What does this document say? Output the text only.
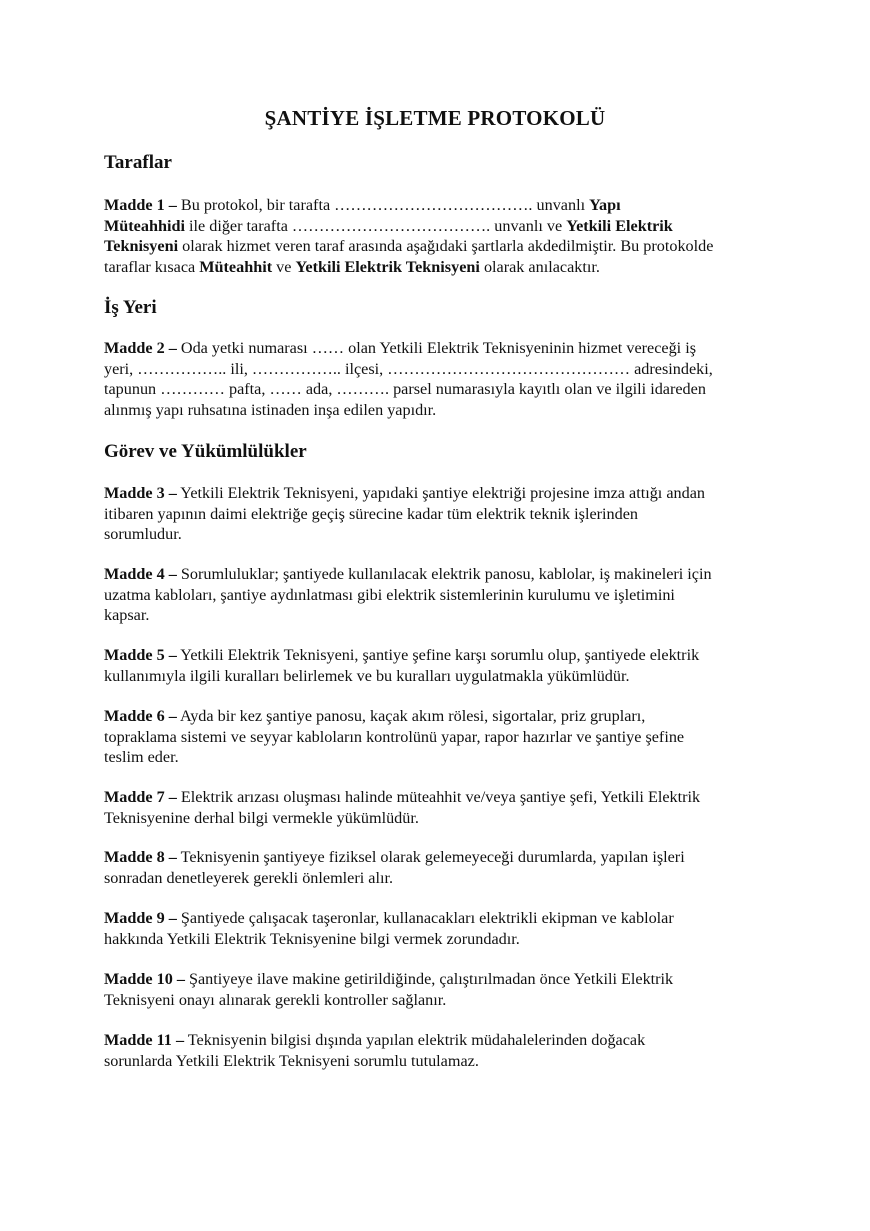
ŞANTİYE İŞLETME PROTOKOLÜ
Taraflar
Madde 1 – Bu protokol, bir tarafta ………………………………. unvanlı Yapı
Müteahhidi ile diğer tarafta ………………………………. unvanlı ve Yetkili Elektrik
Teknisyeni olarak hizmet veren taraf arasında aşağıdaki şartlarla akdedilmiştir. Bu protokolde
taraflar kısaca Müteahhit ve Yetkili Elektrik Teknisyeni olarak anılacaktır.
İş Yeri
Madde 2 – Oda yetki numarası …… olan Yetkili Elektrik Teknisyeninin hizmet vereceği iş
yeri, …………….. ili, …………….. ilçesi, ……………………………………… adresindeki,
tapunun ………… pafta, …… ada, ………. parsel numarasıyla kayıtlı olan ve ilgili idareden
alınmış yapı ruhsatına istinaden inşa edilen yapıdır.
Görev ve Yükümlülükler
Madde 3 – Yetkili Elektrik Teknisyeni, yapıdaki şantiye elektriği projesine imza attığı andan
itibaren yapının daimi elektriğe geçiş sürecine kadar tüm elektrik teknik işlerinden
sorumludur.
Madde 4 – Sorumluluklar; şantiyede kullanılacak elektrik panosu, kablolar, iş makineleri için
uzatma kabloları, şantiye aydınlatması gibi elektrik sistemlerinin kurulumu ve işletimini
kapsar.
Madde 5 – Yetkili Elektrik Teknisyeni, şantiye şefine karşı sorumlu olup, şantiyede elektrik
kullanımıyla ilgili kuralları belirlemek ve bu kuralları uygulatmakla yükümlüdür.
Madde 6 – Ayda bir kez şantiye panosu, kaçak akım rölesi, sigortalar, priz grupları,
topraklama sistemi ve seyyar kabloların kontrolünü yapar, rapor hazırlar ve şantiye şefine
teslim eder.
Madde 7 – Elektrik arızası oluşması halinde müteahhit ve/veya şantiye şefi, Yetkili Elektrik
Teknisyenine derhal bilgi vermekle yükümlüdür.
Madde 8 – Teknisyenin şantiyeye fiziksel olarak gelemeyeceği durumlarda, yapılan işleri
sonradan denetleyerek gerekli önlemleri alır.
Madde 9 – Şantiyede çalışacak taşeronlar, kullanacakları elektrikli ekipman ve kablolar
hakkında Yetkili Elektrik Teknisyenine bilgi vermek zorundadır.
Madde 10 – Şantiyeye ilave makine getirildiğinde, çalıştırılmadan önce Yetkili Elektrik
Teknisyeni onayı alınarak gerekli kontroller sağlanır.
Madde 11 – Teknisyenin bilgisi dışında yapılan elektrik müdahalelerinden doğacak
sorunlarda Yetkili Elektrik Teknisyeni sorumlu tutulamaz.
